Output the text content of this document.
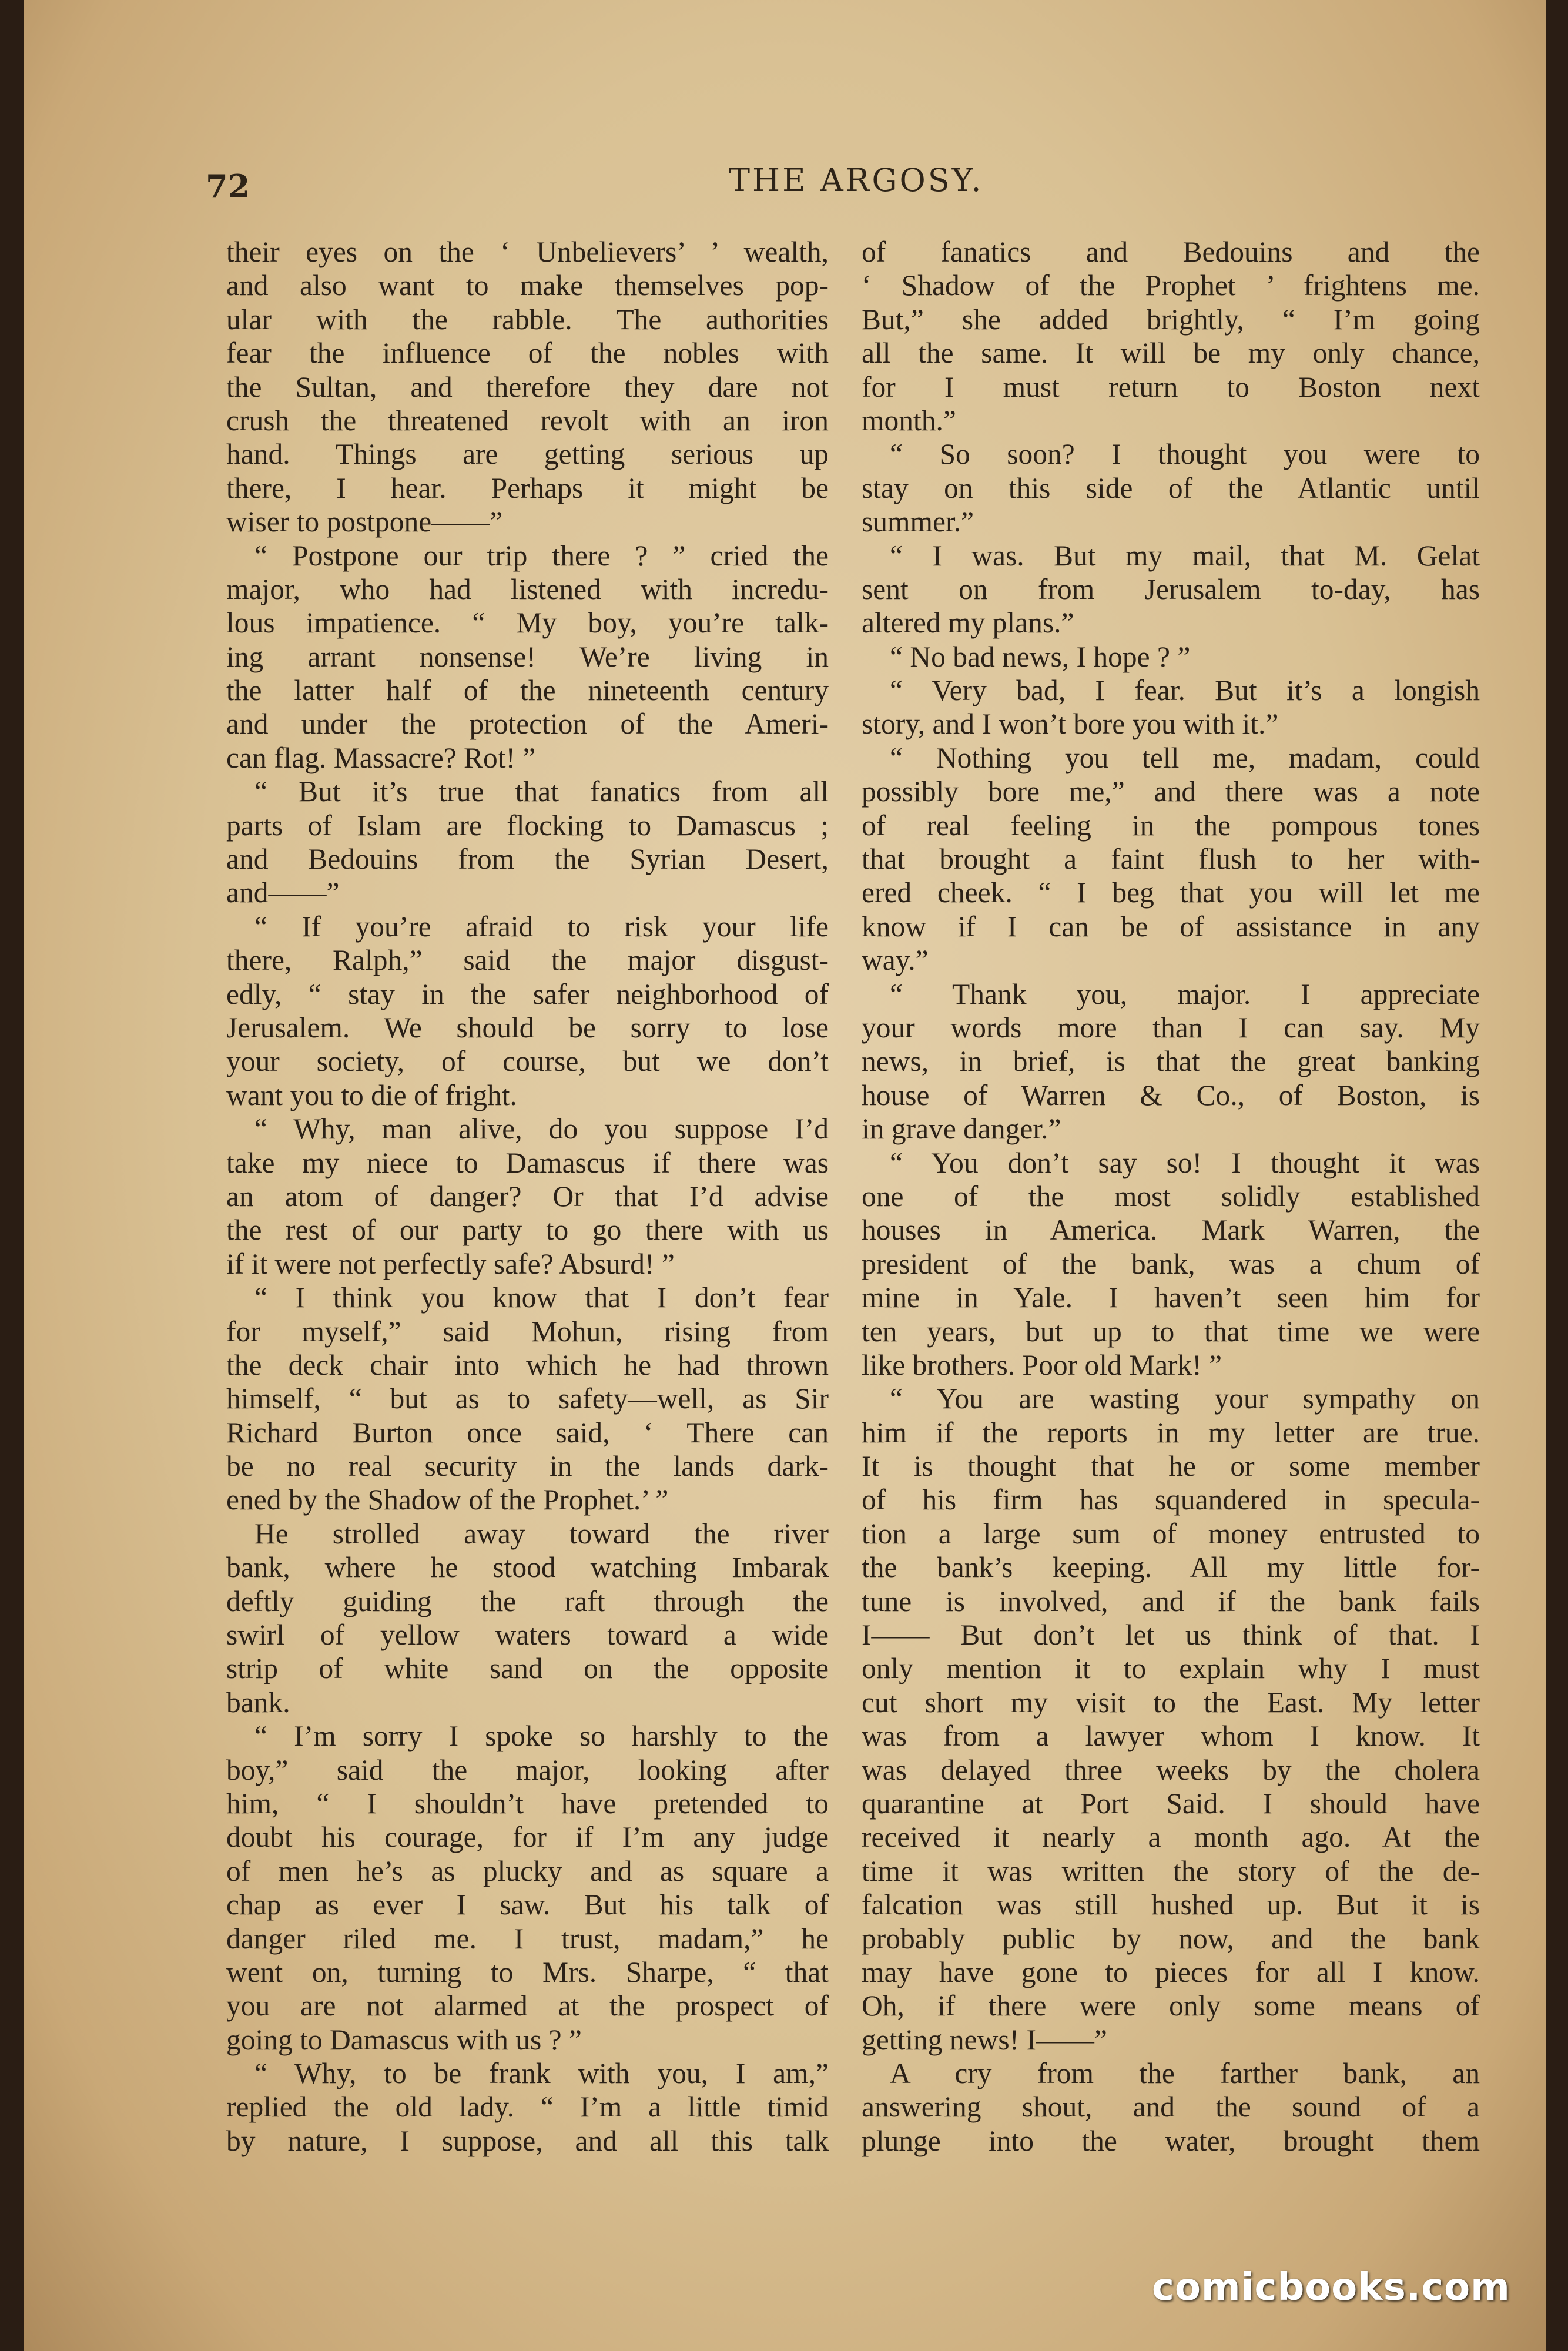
72	THE ARGOSY.
their eyes on the ‘ Unbelievers’ ’ wealth,
and also want to make themselves pop-
ular with the rabble. The authorities
fear the influence of the nobles with
the Sultan, and therefore they dare not
crush the threatened revolt with an iron
hand. Things are getting serious up
there, I hear. Perhaps it might be
wiser to postpone——”
“ Postpone our trip there ? ” cried the
major, who had listened with incredu-
lous impatience. “ My boy, you’re talk-
ing arrant nonsense! We’re living in
the latter half of the nineteenth century
and under the protection of the Ameri-
can flag. Massacre? Rot! ”
“ But it’s true that fanatics from all
parts of Islam are flocking to Damascus ;
and Bedouins from the Syrian Desert,
and——”
“ If you’re afraid to risk your life
there, Ralph,” said the major disgust-
edly, “ stay in the safer neighborhood of
Jerusalem. We should be sorry to lose
your society, of course, but we don’t
want you to die of fright.
“ Why, man alive, do you suppose I’d
take my niece to Damascus if there was
an atom of danger? Or that I’d advise
the rest of our party to go there with us
if it were not perfectly safe? Absurd! ”
“ I think you know that I don’t fear
for myself,” said Mohun, rising from
the deck chair into which he had thrown
himself, “ but as to safety—well, as Sir
Richard Burton once said, ‘ There can
be no real security in the lands dark-
ened by the Shadow of the Prophet.’ ”
He strolled away toward the river
bank, where he stood watching Imbarak
deftly guiding the raft through the
swirl of yellow waters toward a wide
strip of white sand on the opposite
bank.
“ I’m sorry I spoke so harshly to the
boy,” said the major, looking after
him, “ I shouldn’t have pretended to
doubt his courage, for if I’m any judge
of men he’s as plucky and as square a
chap as ever I saw. But his talk of
danger riled me. I trust, madam,” he
went on, turning to Mrs. Sharpe, “ that
you are not alarmed at the prospect of
going to Damascus with us ? ”
“ Why, to be frank with you, I am,”
replied the old lady. “ I’m a little timid
by nature, I suppose, and all this talk
of fanatics and Bedouins and the
‘ Shadow of the Prophet ’ frightens me.
But,” she added brightly, “ I’m going
all the same. It will be my only chance,
for I must return to Boston next
month.”
“ So soon? I thought you were to
stay on this side of the Atlantic until
summer.”
“ I was. But my mail, that M. Gelat
sent on from Jerusalem to-day, has
altered my plans.”
“ No bad news, I hope ? ”
“ Very bad, I fear. But it’s a longish
story, and I won’t bore you with it.”
“ Nothing you tell me, madam, could
possibly bore me,” and there was a note
of real feeling in the pompous tones
that brought a faint flush to her with-
ered cheek. “ I beg that you will let me
know if I can be of assistance in any
way.”
“ Thank you, major. I appreciate
your words more than I can say. My
news, in brief, is that the great banking
house of Warren & Co., of Boston, is
in grave danger.”
“ You don’t say so! I thought it was
one of the most solidly established
houses in America. Mark Warren, the
president of the bank, was a chum of
mine in Yale. I haven’t seen him for
ten years, but up to that time we were
like brothers. Poor old Mark! ”
“ You are wasting your sympathy on
him if the reports in my letter are true.
It is thought that he or some member
of his firm has squandered in specula-
tion a large sum of money entrusted to
the bank’s keeping. All my little for-
tune is involved, and if the bank fails
I—— But don’t let us think of that. I
only mention it to explain why I must
cut short my visit to the East. My letter
was from a lawyer whom I know. It
was delayed three weeks by the cholera
quarantine at Port Said. I should have
received it nearly a month ago. At the
time it was written the story of the de-
falcation was still hushed up. But it is
probably public by now, and the bank
may have gone to pieces for all I know.
Oh, if there were only some means of
getting news! I——”
A cry from the farther bank, an
answering shout, and the sound of a
plunge into the water, brought them
comicbooks.com
